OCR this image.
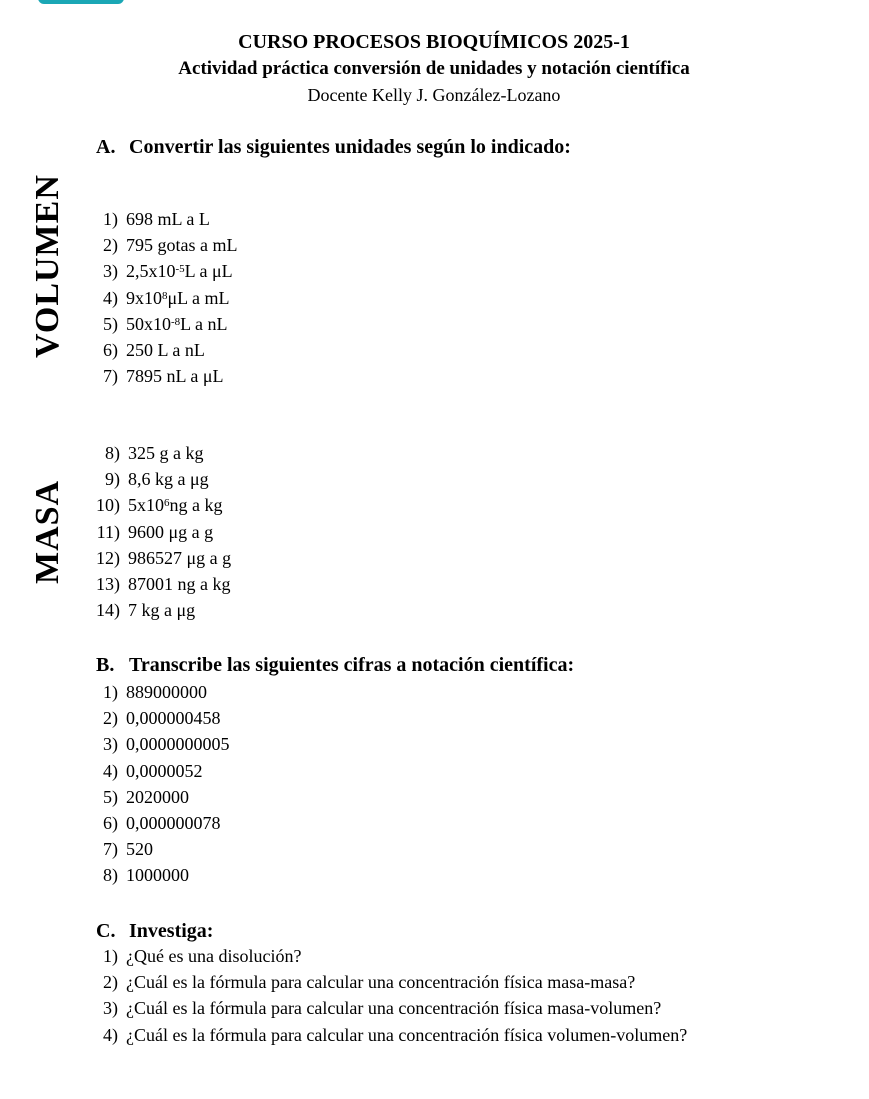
CURSO PROCESOS BIOQUÍMICOS 2025-1
Actividad práctica conversión de unidades y notación científica
Docente Kelly J. González-Lozano
A. Convertir las siguientes unidades según lo indicado:
VOLUMEN	1) 698 mL a L
2) 795 gotas a mL
3) $2,5x10^{-5}$ L a μL
4) $9x10^8$ μL a mL
5) $50x10^{-8}$ L a nL
6) 250 L a nL
7) 7895 nL a μL
MASA
8) 325 g a kg
9) 8,6 kg a μg
10) $5x10^6$ ng a kg
11) 9600 μg a g
12) 986527 μg a g
13) 87001 ng a kg
14) 7 kg a μg
B. Transcribe las siguientes cifras a notación científica:
1) 889000000
2) 0,000000458
3) 0,0000000005
4) 0,0000052
5) 2020000
6) 0,000000078
7) 520
8) 1000000
C. Investiga:
1) ¿Qué es una disolución?
2) ¿Cuál es la fórmula para calcular una concentración física masa-masa?
3) ¿Cuál es la fórmula para calcular una concentración física masa-volumen?
4) ¿Cuál es la fórmula para calcular una concentración física volumen-volumen?
